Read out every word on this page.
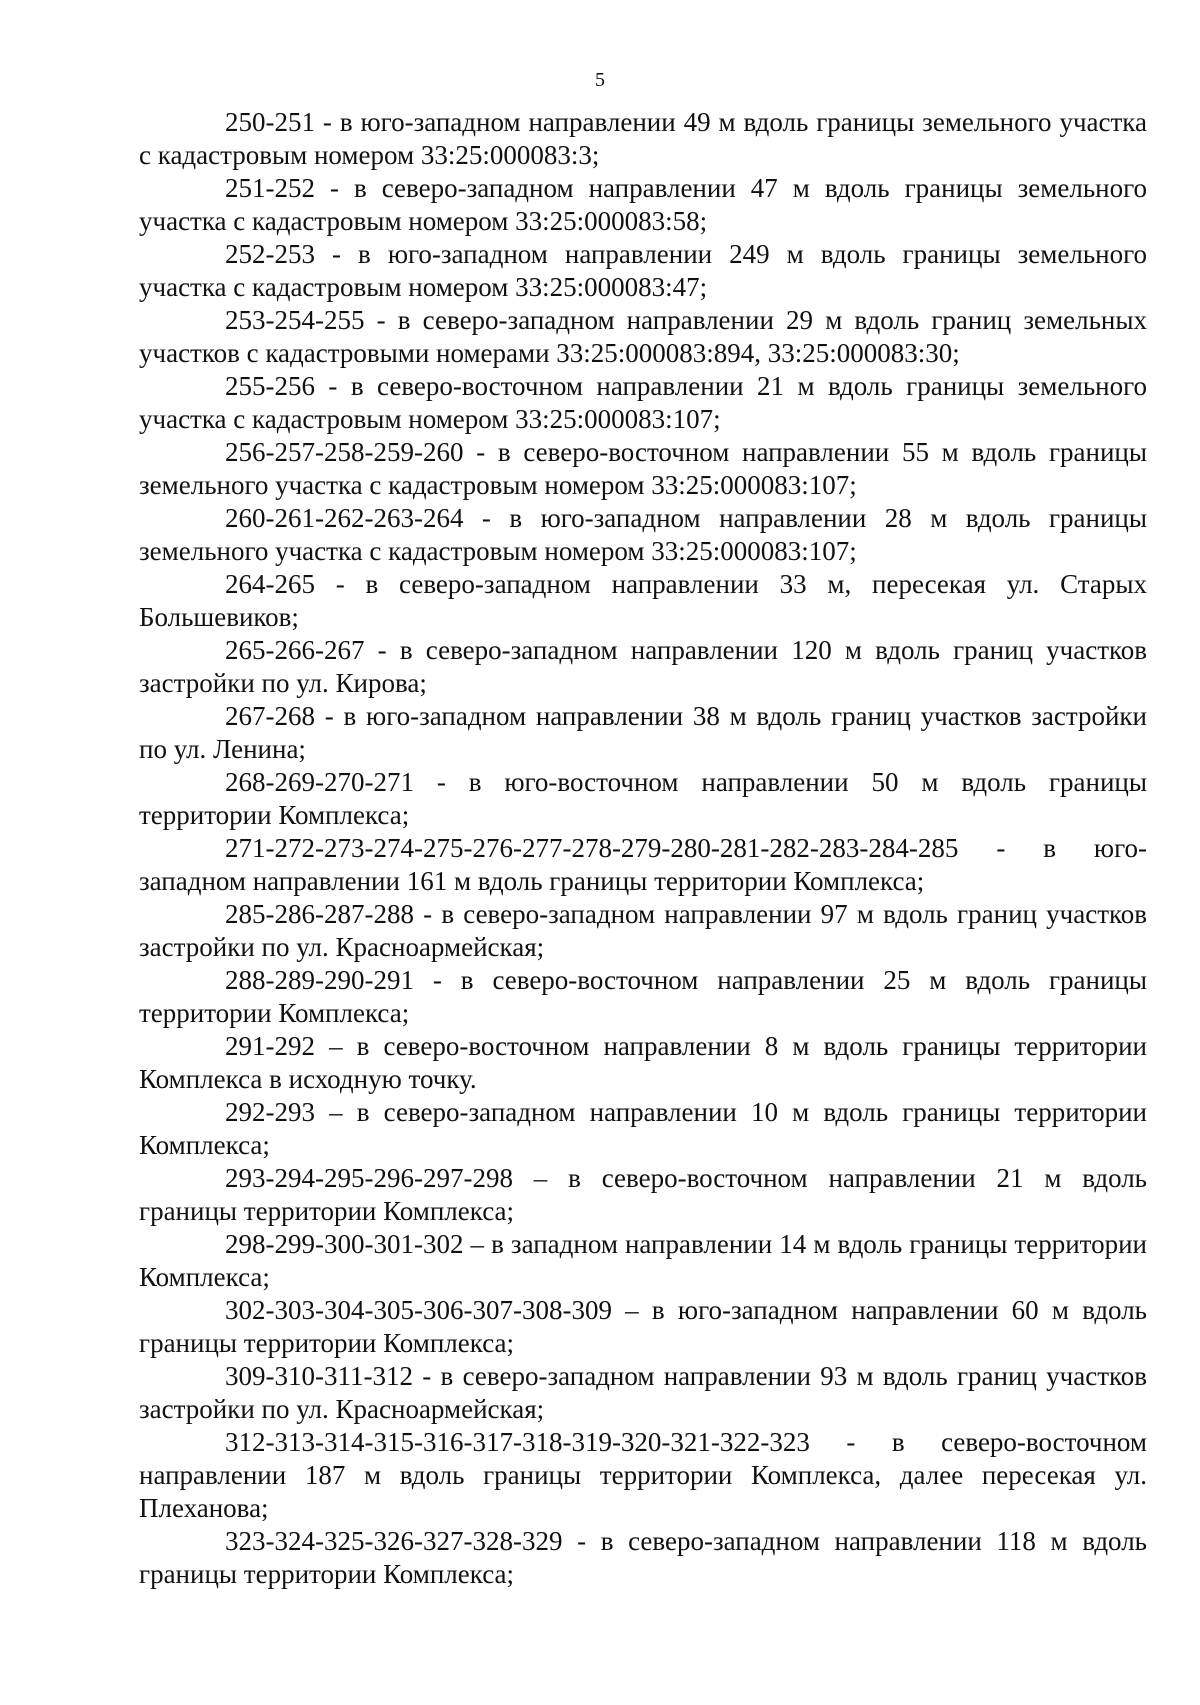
5

250-251 - в юго-западном направлении 49 м вдоль границы земельного участка с кадастровым номером 33:25:000083:3;

251-252 - в северо-западном направлении 47 м вдоль границы земельного участка с кадастровым номером 33:25:000083:58;

252-253 - в юго-западном направлении 249 м вдоль границы земельного участка с кадастровым номером 33:25:000083:47;

253-254-255 - в северо-западном направлении 29 м вдоль границ земельных участков с кадастровыми номерами 33:25:000083:894, 33:25:000083:30;

255-256 - в северо-восточном направлении 21 м вдоль границы земельного участка с кадастровым номером 33:25:000083:107;

256-257-258-259-260 - в северо-восточном направлении 55 м вдоль границы земельного участка с кадастровым номером 33:25:000083:107;

260-261-262-263-264 - в юго-западном направлении 28 м вдоль границы земельного участка с кадастровым номером 33:25:000083:107;

264-265 - в северо-западном направлении 33 м, пересекая ул. Старых Большевиков;

265-266-267 - в северо-западном направлении 120 м вдоль границ участков застройки по ул. Кирова;

267-268 - в юго-западном направлении 38 м вдоль границ участков застройки по ул. Ленина;

268-269-270-271 - в юго-восточном направлении 50 м вдоль границы территории Комплекса;

271-272-273-274-275-276-277-278-279-280-281-282-283-284-285 - в юго-западном направлении 161 м вдоль границы территории Комплекса;

285-286-287-288 - в северо-западном направлении 97 м вдоль границ участков застройки по ул. Красноармейская;

288-289-290-291 - в северо-восточном направлении 25 м вдоль границы территории Комплекса;

291-292 – в северо-восточном направлении 8 м вдоль границы территории Комплекса в исходную точку.

292-293 – в северо-западном направлении 10 м вдоль границы территории Комплекса;

293-294-295-296-297-298 – в северо-восточном направлении 21 м вдоль границы территории Комплекса;

298-299-300-301-302 – в западном направлении 14 м вдоль границы территории Комплекса;

302-303-304-305-306-307-308-309 – в юго-западном направлении 60 м вдоль границы территории Комплекса;

309-310-311-312 - в северо-западном направлении 93 м вдоль границ участков застройки по ул. Красноармейская;

312-313-314-315-316-317-318-319-320-321-322-323 - в северо-восточном направлении 187 м вдоль границы территории Комплекса, далее пересекая ул. Плеханова;

323-324-325-326-327-328-329 - в северо-западном направлении 118 м вдоль границы территории Комплекса;
